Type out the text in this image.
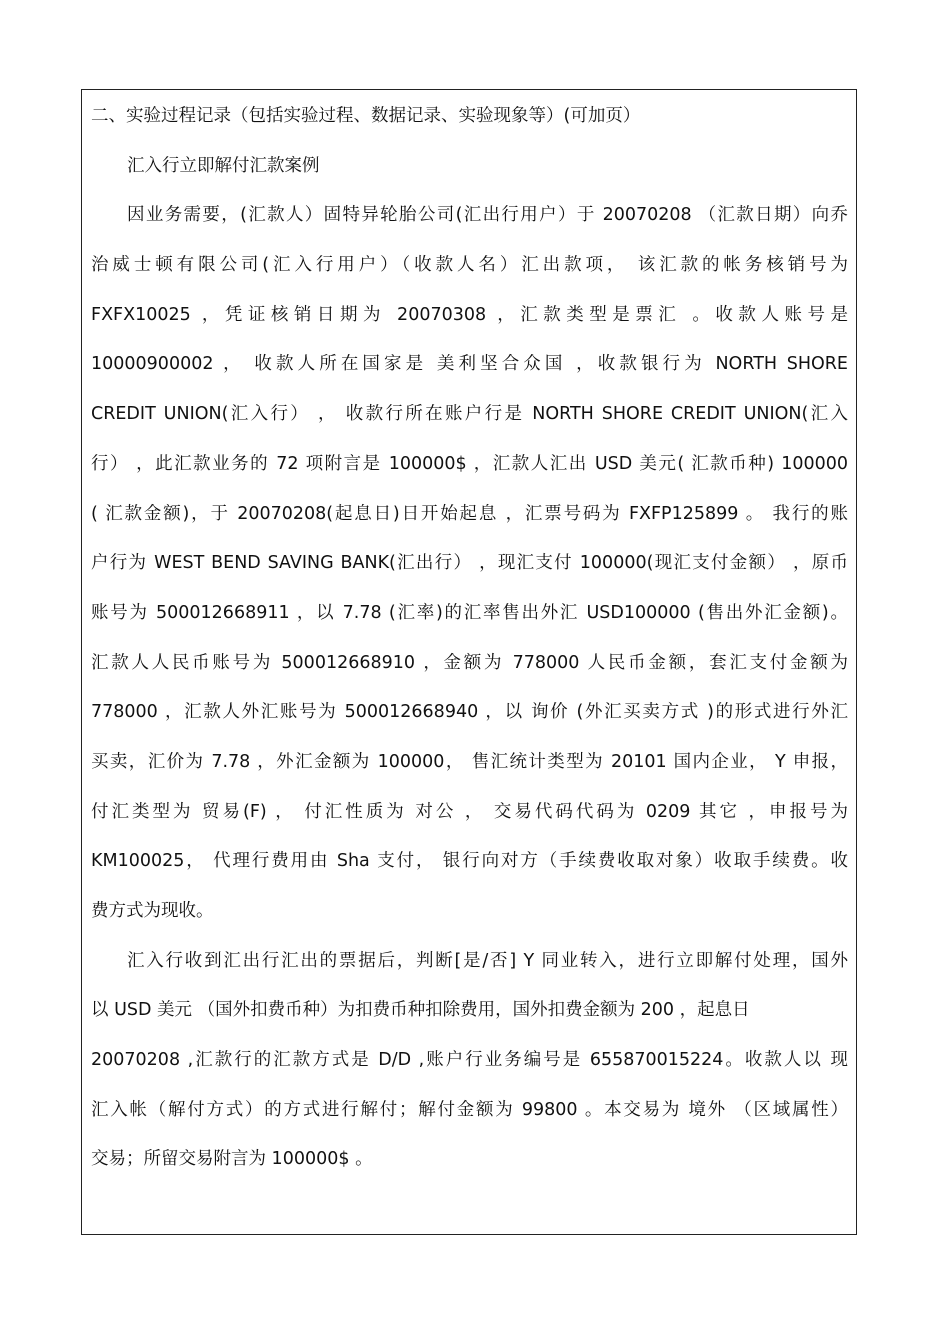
二、实验过程记录（包括实验过程、数据记录、实验现象等）(可加页）
汇入行立即解付汇款案例
因业务需要，(汇款人）固特异轮胎公司(汇出行用户）于 20070208 （汇款日期）向乔
治威士顿有限公司(汇入行用户）（收款人名）汇出款项， 该汇款的帐务核销号为
FXFX10025 ，凭证核销日期为 20070308 ，汇款类型是票汇 。收款人账号是
10000900002 ， 收款人所在国家是 美利坚合众国 ，收款银行为 NORTH SHORE
CREDIT UNION(汇入行） ， 收款行所在账户行是 NORTH SHORE CREDIT UNION(汇入
行） ，此汇款业务的 72 项附言是 100000$ ，汇款人汇出 USD 美元( 汇款币种) 100000
( 汇款金额)，于 20070208(起息日)日开始起息 ，汇票号码为 FXFP125899 。 我行的账
户行为 WEST BEND SAVING BANK(汇出行） ，现汇支付 100000(现汇支付金额） ，原币
账号为 500012668911 ，以 7.78 (汇率)的汇率售出外汇 USD100000 (售出外汇金额)。
汇款人人民币账号为 500012668910 ，金额为 778000 人民币金额，套汇支付金额为
778000 ，汇款人外汇账号为 500012668940 ，以 询价 (外汇买卖方式 )的形式进行外汇
买卖，汇价为 7.78 ，外汇金额为 100000， 售汇统计类型为 20101 国内企业， Y 申报，
付汇类型为 贸易(F) ， 付汇性质为 对公 ， 交易代码代码为 0209 其它 ，申报号为
KM100025， 代理行费用由 Sha 支付， 银行向对方（手续费收取对象）收取手续费。收
费方式为现收。
汇入行收到汇出行汇出的票据后，判断[是/否] Y 同业转入，进行立即解付处理，国外
以 USD 美元 （国外扣费币种）为扣费币种扣除费用，国外扣费金额为 200 ，起息日
20070208 ,汇款行的汇款方式是 D/D ,账户行业务编号是 655870015224。收款人以 现
汇入帐（解付方式）的方式进行解付；解付金额为 99800 。本交易为 境外 （区域属性）
交易；所留交易附言为 100000$ 。
